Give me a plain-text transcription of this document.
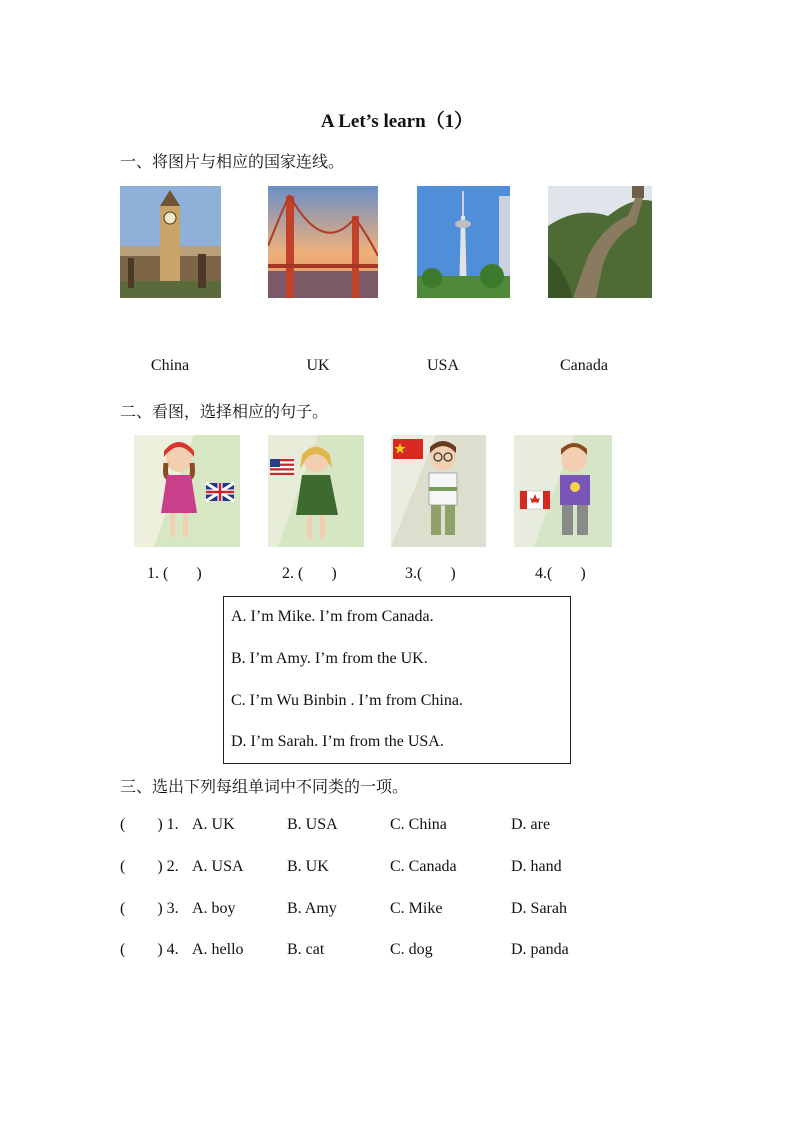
A Let’s learn（1）
一、将图片与相应的国家连线。
China	UK	USA	Canada
二、看图，选择相应的句子。
1. (       )	2. (       )	3.(       )	4.(       )
A. I’m Mike. I’m from Canada.
B. I’m Amy. I’m from the UK.
C. I’m Wu Binbin . I’m from China.
D. I’m Sarah. I’m from the USA.
三、选出下列每组单词中不同类的一项。
(        ) 1. A. UK	B. USA	C. China	D. are
(        ) 2. A. USA	B. UK	C. Canada	D. hand
(        ) 3. A. boy	B. Amy	C. Mike	D. Sarah
(        ) 4. A. hello	B. cat	C. dog	D. panda
